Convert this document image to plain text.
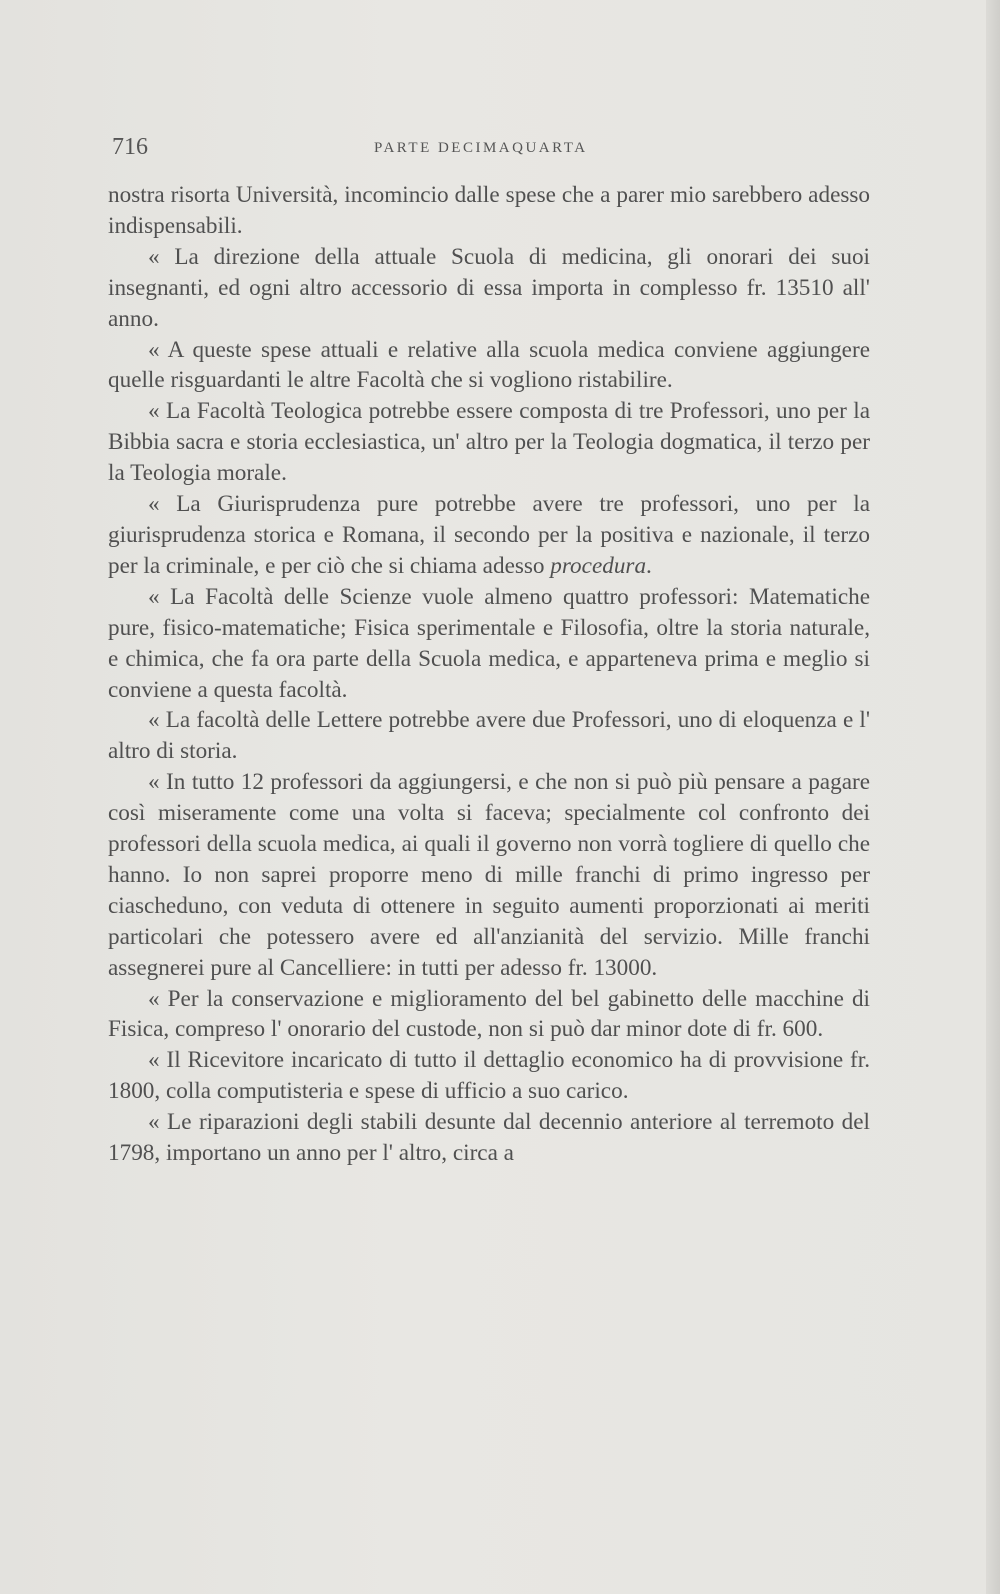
716	PARTE DECIMAQUARTA

nostra risorta Università, incomincio dalle spese che a parer mio sarebbero adesso indispensabili.

« La direzione della attuale Scuola di medicina, gli onorari dei suoi insegnanti, ed ogni altro accessorio di essa importa in complesso fr. 13510 all' anno.

« A queste spese attuali e relative alla scuola medica conviene aggiungere quelle risguardanti le altre Facoltà che si vogliono ristabilire.

« La Facoltà Teologica potrebbe essere composta di tre Professori, uno per la Bibbia sacra e storia ecclesiastica, un' altro per la Teologia dogmatica, il terzo per la Teologia morale.

« La Giurisprudenza pure potrebbe avere tre professori, uno per la giurisprudenza storica e Romana, il secondo per la positiva e nazionale, il terzo per la criminale, e per ciò che si chiama adesso procedura.

« La Facoltà delle Scienze vuole almeno quattro professori: Matematiche pure, fisico-matematiche; Fisica sperimentale e Filosofia, oltre la storia naturale, e chimica, che fa ora parte della Scuola medica, e apparteneva prima e meglio si conviene a questa facoltà.

« La facoltà delle Lettere potrebbe avere due Professori, uno di eloquenza e l' altro di storia.

« In tutto 12 professori da aggiungersi, e che non si può più pensare a pagare così miseramente come una volta si faceva; specialmente col confronto dei professori della scuola medica, ai quali il governo non vorrà togliere di quello che hanno. Io non saprei proporre meno di mille franchi di primo ingresso per ciascheduno, con veduta di ottenere in seguito aumenti proporzionati ai meriti particolari che potessero avere ed all'anzianità del servizio. Mille franchi assegnerei pure al Cancelliere: in tutti per adesso fr. 13000.

« Per la conservazione e miglioramento del bel gabinetto delle macchine di Fisica, compreso l' onorario del custode, non si può dar minor dote di fr. 600.

« Il Ricevitore incaricato di tutto il dettaglio economico ha di provvisione fr. 1800, colla computisteria e spese di ufficio a suo carico.

« Le riparazioni degli stabili desunte dal decennio anteriore al terremoto del 1798, importano un anno per l' altro, circa a
